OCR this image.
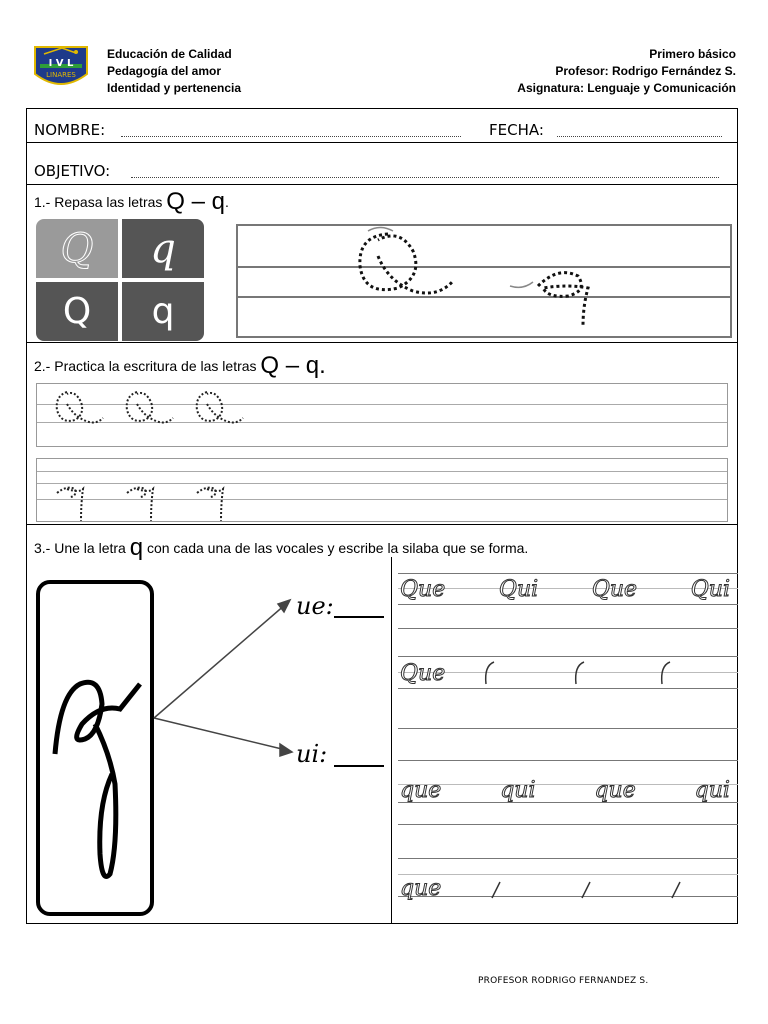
LINARES
I V L
Educación de Calidad
Pedagogía del amor
Identidad y pertenencia
Primero básico
Profesor: Rodrigo Fernández S.
Asignatura: Lenguaje y Comunicación
NOMBRE:	FECHA:
OBJETIVO:
1.- Repasa las letras Q – q.
Q q
Q q
2.- Practica la escritura de las letras Q – q.
3.- Une la letra q con cada una de las vocales y escribe la silaba que se forma.
ue:
ui:
Que Qui Que Qui
Que
que	qui	que	qui
que
PROFESOR RODRIGO FERNANDEZ S.
